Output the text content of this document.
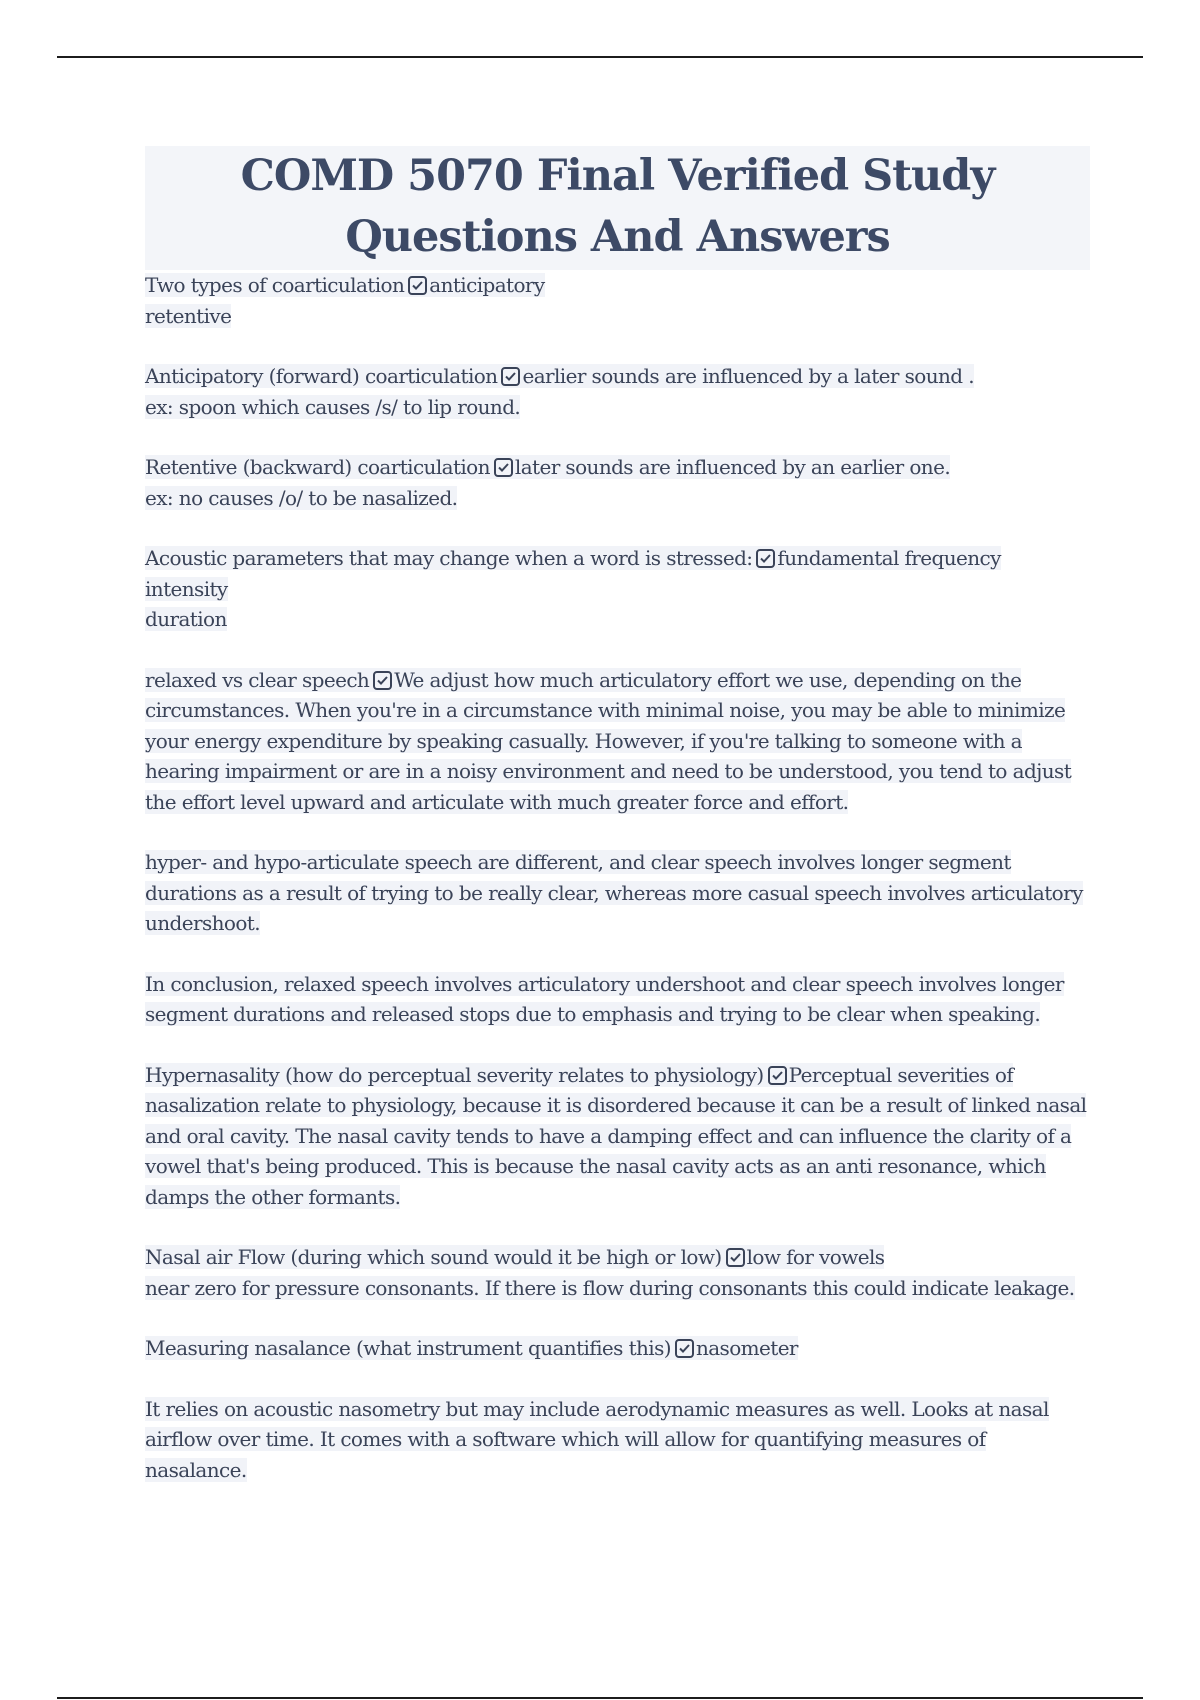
COMD 5070 Final Verified Study Questions And Answers

Two types of coarticulation anticipatory
retentive

Anticipatory (forward) coarticulation earlier sounds are influenced by a later sound .
ex: spoon which causes /s/ to lip round.

Retentive (backward) coarticulation later sounds are influenced by an earlier one.
ex: no causes /o/ to be nasalized.

Acoustic parameters that may change when a word is stressed: fundamental frequency
intensity
duration

relaxed vs clear speech We adjust how much articulatory effort we use, depending on the circumstances. When you're in a circumstance with minimal noise, you may be able to minimize your energy expenditure by speaking casually. However, if you're talking to someone with a hearing impairment or are in a noisy environment and need to be understood, you tend to adjust the effort level upward and articulate with much greater force and effort.

hyper- and hypo-articulate speech are different, and clear speech involves longer segment durations as a result of trying to be really clear, whereas more casual speech involves articulatory undershoot.

In conclusion, relaxed speech involves articulatory undershoot and clear speech involves longer segment durations and released stops due to emphasis and trying to be clear when speaking.

Hypernasality (how do perceptual severity relates to physiology) Perceptual severities of nasalization relate to physiology, because it is disordered because it can be a result of linked nasal and oral cavity. The nasal cavity tends to have a damping effect and can influence the clarity of a vowel that's being produced. This is because the nasal cavity acts as an anti resonance, which damps the other formants.

Nasal air Flow (during which sound would it be high or low) low for vowels
near zero for pressure consonants. If there is flow during consonants this could indicate leakage.

Measuring nasalance (what instrument quantifies this) nasometer

It relies on acoustic nasometry but may include aerodynamic measures as well. Looks at nasal airflow over time. It comes with a software which will allow for quantifying measures of nasalance.
